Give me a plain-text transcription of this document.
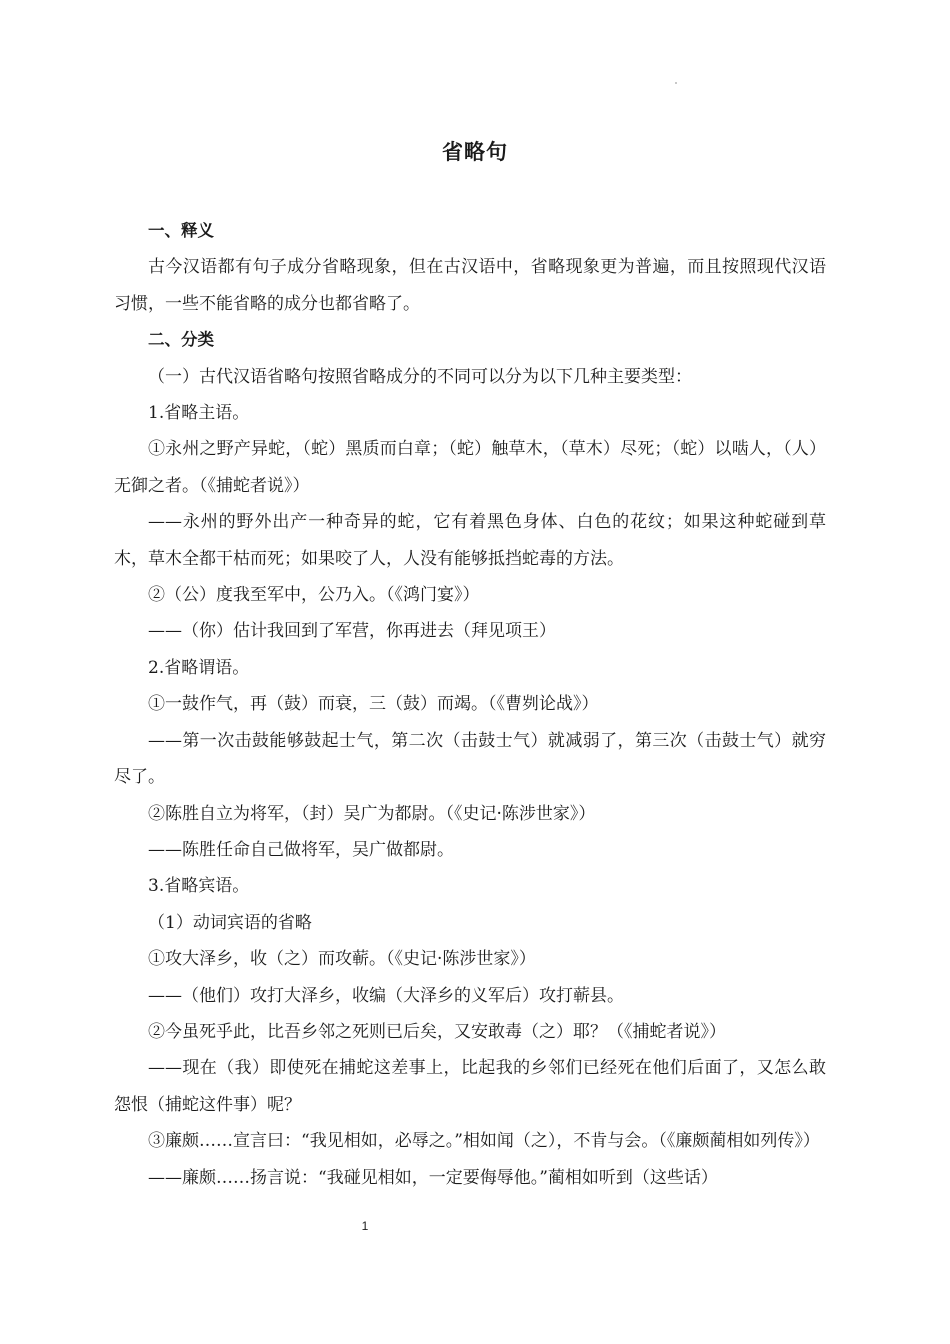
省略句

一、释义

古今汉语都有句子成分省略现象，但在古汉语中，省略现象更为普遍，而且按照现代汉语习惯，一些不能省略的成分也都省略了。

二、分类

（一）古代汉语省略句按照省略成分的不同可以分为以下几种主要类型：

1.省略主语。

①永州之野产异蛇，（蛇）黑质而白章；（蛇）触草木，（草木）尽死；（蛇）以啮人，（人）无御之者。（《捕蛇者说》）

——永州的野外出产一种奇异的蛇，它有着黑色身体、白色的花纹；如果这种蛇碰到草木，草木全都干枯而死；如果咬了人，人没有能够抵挡蛇毒的方法。

②（公）度我至军中，公乃入。（《鸿门宴》）

——（你）估计我回到了军营，你再进去（拜见项王）

2.省略谓语。

①一鼓作气，再（鼓）而衰，三（鼓）而竭。（《曹刿论战》）

——第一次击鼓能够鼓起士气，第二次（击鼓士气）就减弱了，第三次（击鼓士气）就穷尽了。

②陈胜自立为将军，（封）吴广为都尉。（《史记·陈涉世家》）

——陈胜任命自己做将军，吴广做都尉。

3.省略宾语。

（1）动词宾语的省略

①攻大泽乡，收（之）而攻蕲。（《史记·陈涉世家》）

——（他们）攻打大泽乡，收编（大泽乡的义军后）攻打蕲县。

②今虽死乎此，比吾乡邻之死则已后矣，又安敢毒（之）耶？（《捕蛇者说》）

——现在（我）即使死在捕蛇这差事上，比起我的乡邻们已经死在他们后面了，又怎么敢怨恨（捕蛇这件事）呢？

③廉颇……宣言曰：“我见相如，必辱之。”相如闻（之），不肯与会。（《廉颇蔺相如列传》）

——廉颇……扬言说：“我碰见相如，一定要侮辱他。”蔺相如听到（这些话）

1
